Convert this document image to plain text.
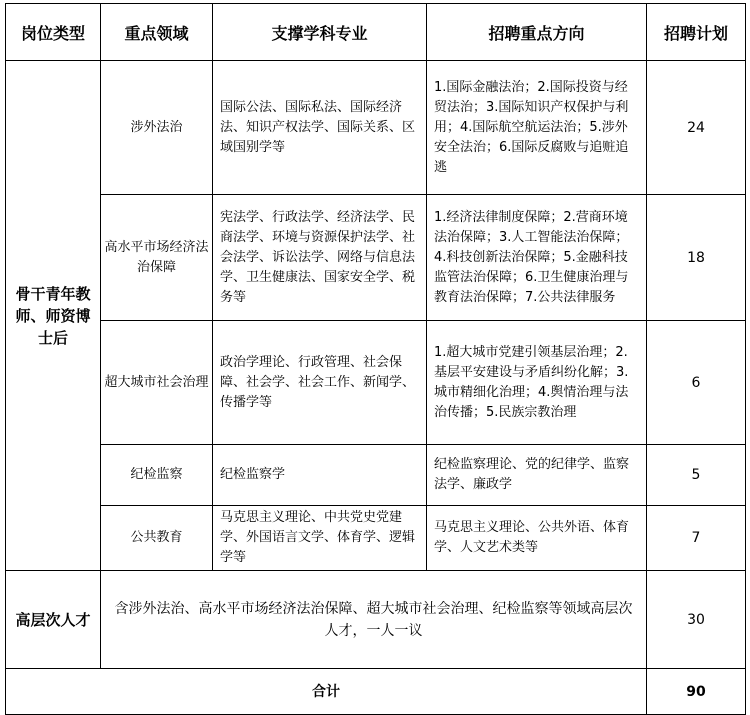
岗位类型	重点领域	支撑学科专业	招聘重点方向	招聘计划
骨干青年教师、师资博士后	涉外法治	国际公法、国际私法、国际经济法、知识产权法学、国际关系、区域国别学等	1.国际金融法治；2.国际投资与经贸法治；3.国际知识产权保护与利用；4.国际航空航运法治；5.涉外安全法治；6.国际反腐败与追赃追逃	24
	高水平市场经济法治保障	宪法学、行政法学、经济法学、民商法学、环境与资源保护法学、社会法学、诉讼法学、网络与信息法学、卫生健康法、国家安全学、税务等	1.经济法律制度保障；2.营商环境法治保障；3.人工智能法治保障；4.科技创新法治保障；5.金融科技监管法治保障；6.卫生健康治理与教育法治保障；7.公共法律服务	18
	超大城市社会治理	政治学理论、行政管理、社会保障、社会学、社会工作、新闻学、传播学等	1.超大城市党建引领基层治理；2.基层平安建设与矛盾纠纷化解；3.城市精细化治理；4.舆情治理与法治传播；5.民族宗教治理	6
	纪检监察	纪检监察学	纪检监察理论、党的纪律学、监察法学、廉政学	5
	公共教育	马克思主义理论、中共党史党建学、外国语言文学、体育学、逻辑学等	马克思主义理论、公共外语、体育学、人文艺术类等	7
高层次人才	含涉外法治、高水平市场经济法治保障、超大城市社会治理、纪检监察等领域高层次人才，一人一议			30
合计				90
